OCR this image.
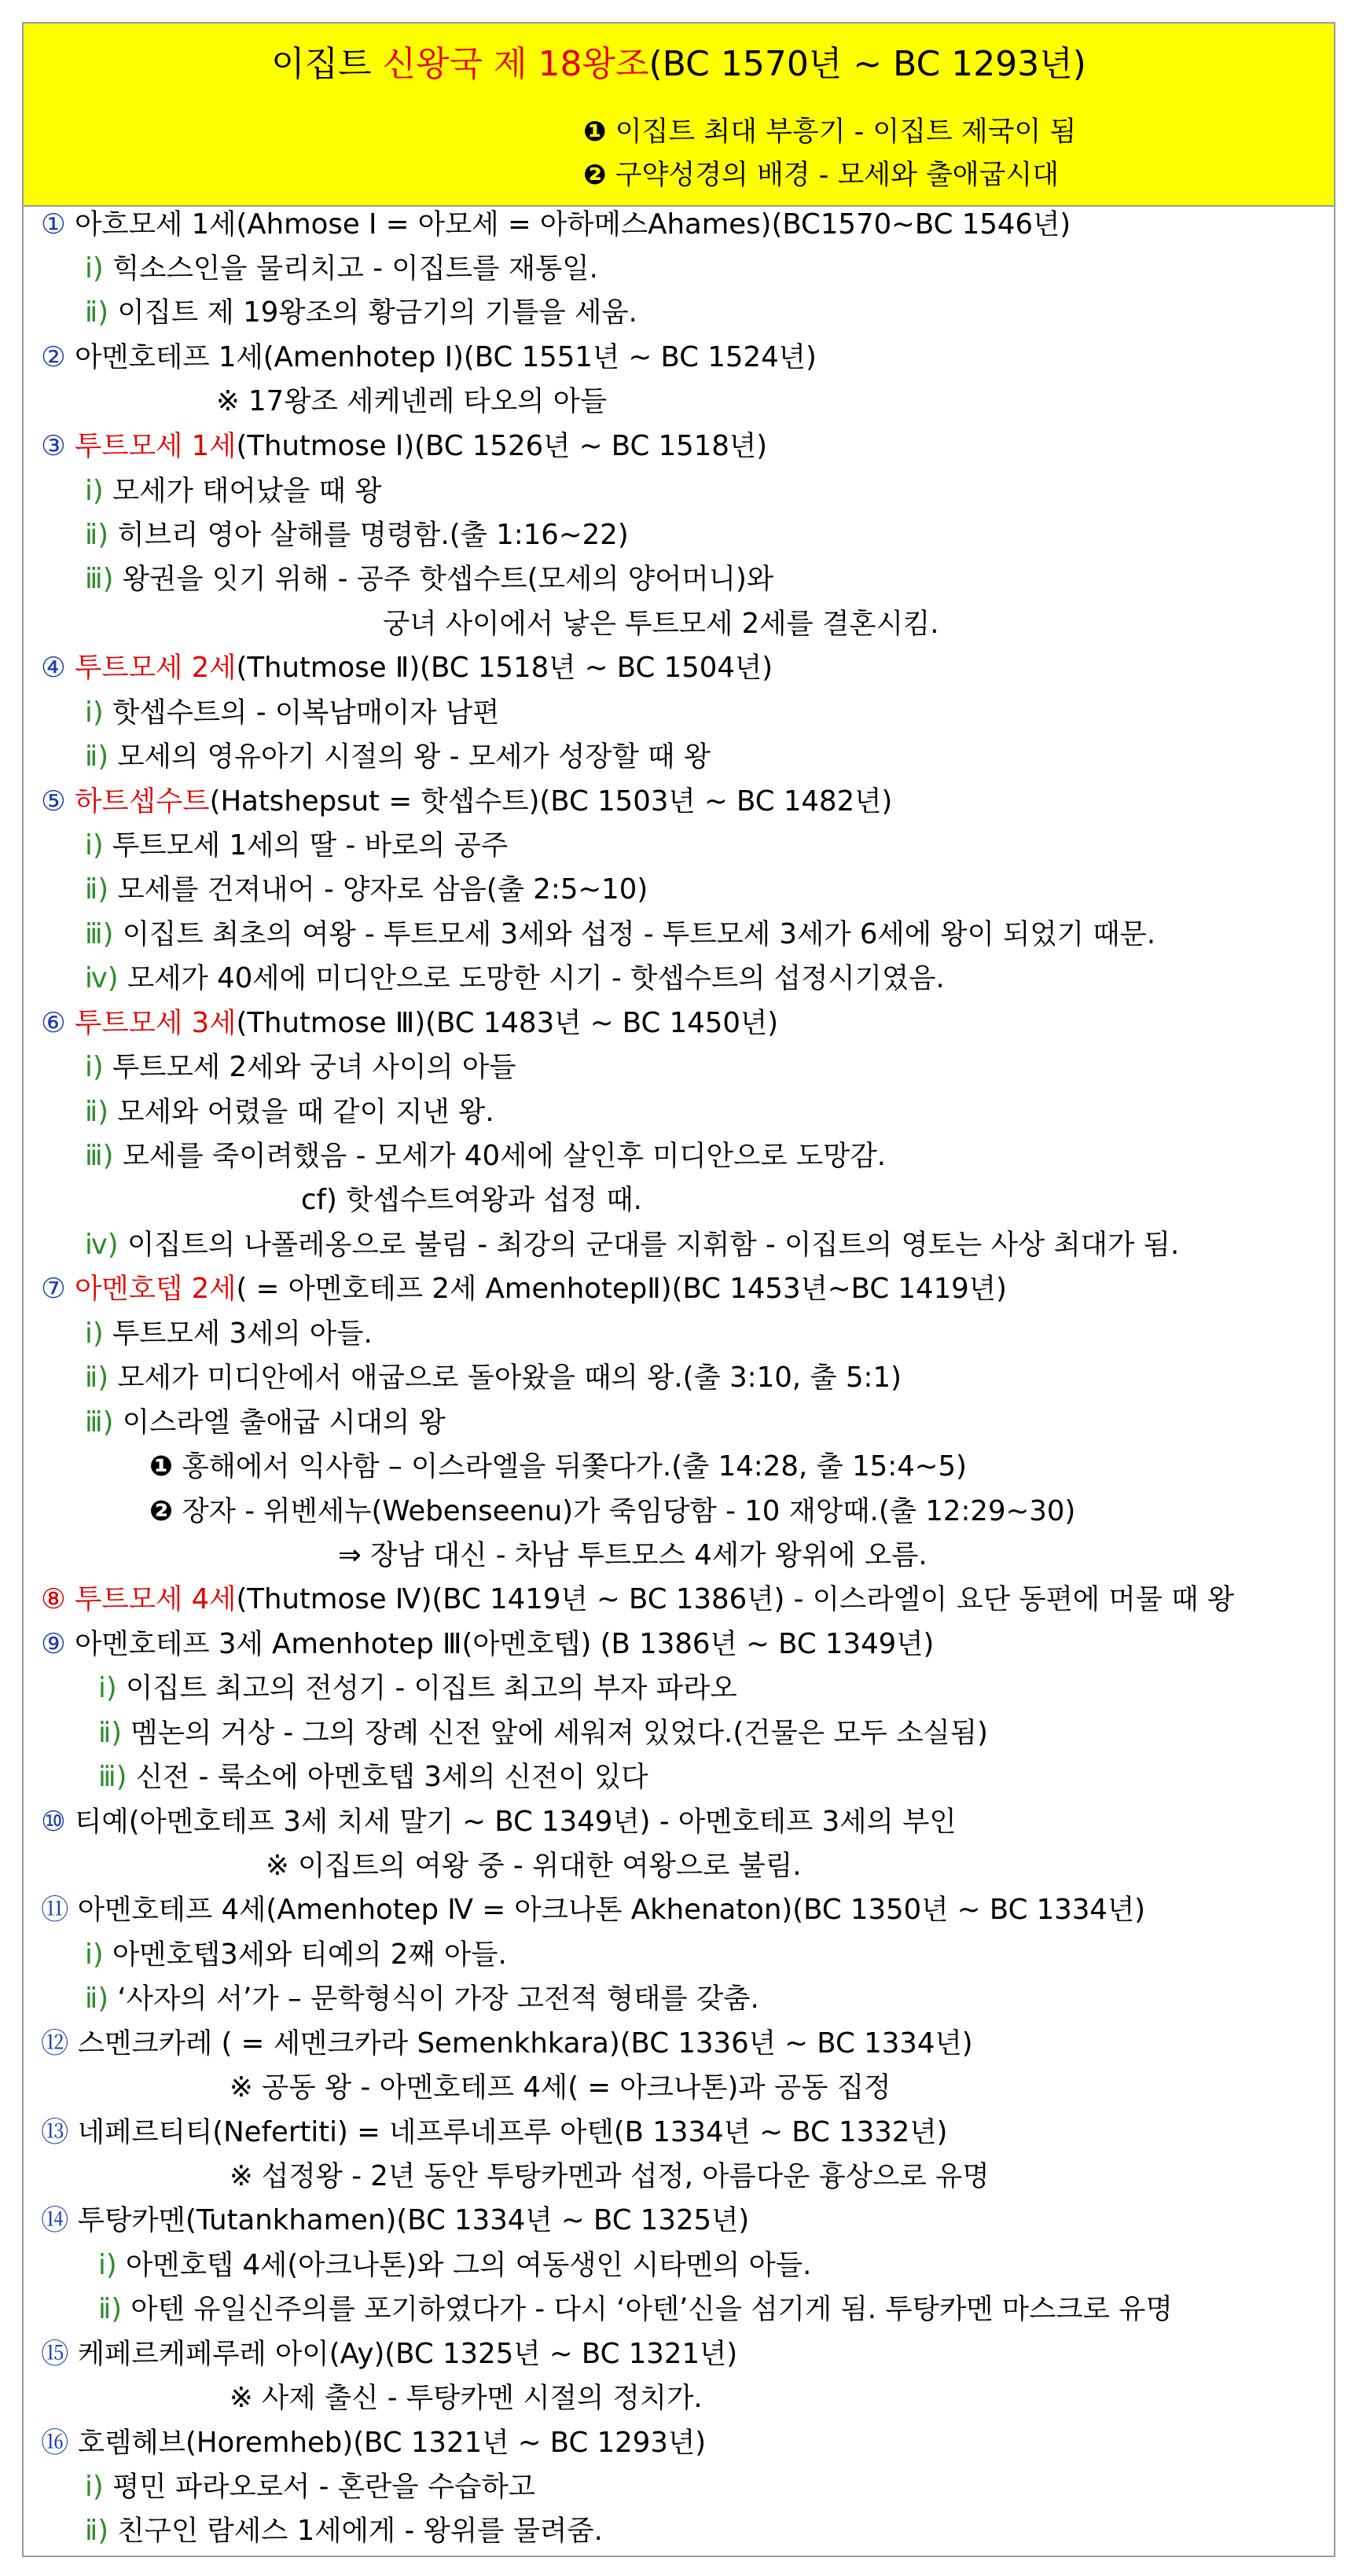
이집트 신왕국 제 18왕조(BC 1570년 ~ BC 1293년)
❶ 이집트 최대 부흥기 - 이집트 제국이 됨
❷ 구약성경의 배경 - 모세와 출애굽시대
① 아흐모세 1세(Ahmose Ⅰ = 아모세 = 아하메스Ahames)(BC1570~BC 1546년)
ⅰ) 힉소스인을 물리치고 - 이집트를 재통일.
ⅱ) 이집트 제 19왕조의 황금기의 기틀을 세움.
② 아멘호테프 1세(Amenhotep Ⅰ)(BC 1551년 ~ BC 1524년)
※ 17왕조 세케넨레 타오의 아들
③ 투트모세 1세(Thutmose Ⅰ)(BC 1526년 ~ BC 1518년)
ⅰ) 모세가 태어났을 때 왕
ⅱ) 히브리 영아 살해를 명령함.(출 1:16~22)
ⅲ) 왕권을 잇기 위해 - 공주 핫셉수트(모세의 양어머니)와
궁녀 사이에서 낳은 투트모세 2세를 결혼시킴.
④ 투트모세 2세(Thutmose Ⅱ)(BC 1518년 ~ BC 1504년)
ⅰ) 핫셉수트의 - 이복남매이자 남편
ⅱ) 모세의 영유아기 시절의 왕 - 모세가 성장할 때 왕
⑤ 하트셉수트(Hatshepsut = 핫셉수트)(BC 1503년 ~ BC 1482년)
ⅰ) 투트모세 1세의 딸 - 바로의 공주
ⅱ) 모세를 건져내어 - 양자로 삼음(출 2:5~10)
ⅲ) 이집트 최초의 여왕 - 투트모세 3세와 섭정 - 투트모세 3세가 6세에 왕이 되었기 때문.
ⅳ) 모세가 40세에 미디안으로 도망한 시기 - 핫셉수트의 섭정시기였음.
⑥ 투트모세 3세(Thutmose Ⅲ)(BC 1483년 ~ BC 1450년)
ⅰ) 투트모세 2세와 궁녀 사이의 아들
ⅱ) 모세와 어렸을 때 같이 지낸 왕.
ⅲ) 모세를 죽이려했음 - 모세가 40세에 살인후 미디안으로 도망감.
cf) 핫셉수트여왕과 섭정 때.
ⅳ) 이집트의 나폴레옹으로 불림 - 최강의 군대를 지휘함 - 이집트의 영토는 사상 최대가 됨.
⑦ 아멘호텝 2세( = 아멘호테프 2세 AmenhotepⅡ)(BC 1453년~BC 1419년)
ⅰ) 투트모세 3세의 아들.
ⅱ) 모세가 미디안에서 애굽으로 돌아왔을 때의 왕.(출 3:10, 출 5:1)
ⅲ) 이스라엘 출애굽 시대의 왕
❶ 홍해에서 익사함 – 이스라엘을 뒤쫓다가.(출 14:28, 출 15:4~5)
❷ 장자 - 위벤세누(Webenseenu)가 죽임당함 - 10 재앙때.(출 12:29~30)
⇒ 장남 대신 - 차남 투트모스 4세가 왕위에 오름.
⑧ 투트모세 4세(Thutmose Ⅳ)(BC 1419년 ~ BC 1386년) - 이스라엘이 요단 동편에 머물 때 왕
⑨ 아멘호테프 3세 Amenhotep Ⅲ(아멘호텝) (B 1386년 ~ BC 1349년)
ⅰ) 이집트 최고의 전성기 - 이집트 최고의 부자 파라오
ⅱ) 멤논의 거상 - 그의 장례 신전 앞에 세워져 있었다.(건물은 모두 소실됨)
ⅲ) 신전 - 룩소에 아멘호텝 3세의 신전이 있다
⑩ 티예(아멘호테프 3세 치세 말기 ~ BC 1349년) - 아멘호테프 3세의 부인
※ 이집트의 여왕 중 - 위대한 여왕으로 불림.
⑪ 아멘호테프 4세(Amenhotep Ⅳ = 아크나톤 Akhenaton)(BC 1350년 ~ BC 1334년)
ⅰ) 아멘호텝3세와 티예의 2째 아들.
ⅱ) ‘사자의 서’가 – 문학형식이 가장 고전적 형태를 갖춤.
⑫ 스멘크카레 ( = 세멘크카라 Semenkhkara)(BC 1336년 ~ BC 1334년)
※ 공동 왕 - 아멘호테프 4세( = 아크나톤)과 공동 집정
⑬ 네페르티티(Nefertiti) = 네프루네프루 아텐(B 1334년 ~ BC 1332년)
※ 섭정왕 - 2년 동안 투탕카멘과 섭정, 아름다운 흉상으로 유명
⑭ 투탕카멘(Tutankhamen)(BC 1334년 ~ BC 1325년)
ⅰ) 아멘호텝 4세(아크나톤)와 그의 여동생인 시타멘의 아들.
ⅱ) 아텐 유일신주의를 포기하였다가 - 다시 ‘아텐’신을 섬기게 됨. 투탕카멘 마스크로 유명
⑮ 케페르케페루레 아이(Ay)(BC 1325년 ~ BC 1321년)
※ 사제 출신 - 투탕카멘 시절의 정치가.
⑯ 호렘헤브(Horemheb)(BC 1321년 ~ BC 1293년)
ⅰ) 평민 파라오로서 - 혼란을 수습하고
ⅱ) 친구인 람세스 1세에게 - 왕위를 물려줌.
